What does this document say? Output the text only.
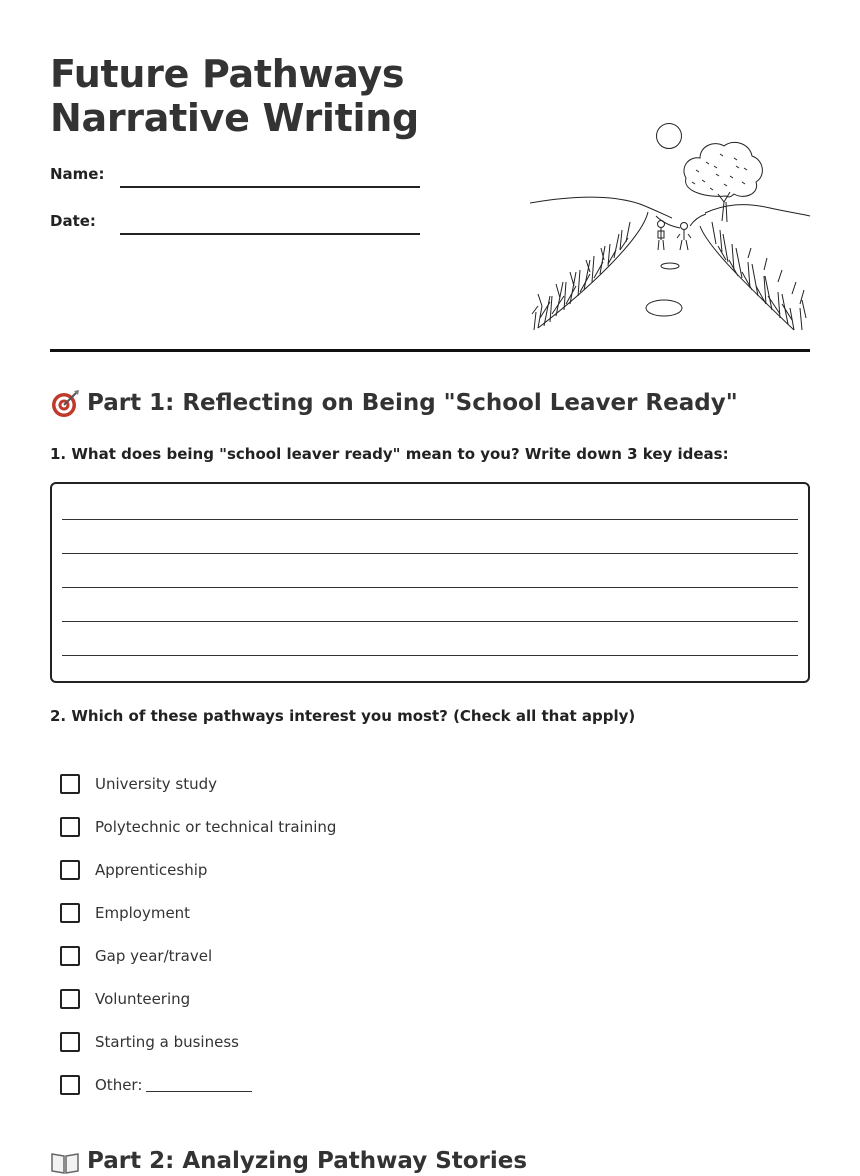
Future Pathways
Narrative Writing
Name:
Date:
Part 1: Reflecting on Being "School Leaver Ready"
1. What does being "school leaver ready" mean to you? Write down 3 key ideas:
2. Which of these pathways interest you most? (Check all that apply)
University study
Polytechnic or technical training
Apprenticeship
Employment
Gap year/travel
Volunteering
Starting a business
Other:
Part 2: Analyzing Pathway Stories
